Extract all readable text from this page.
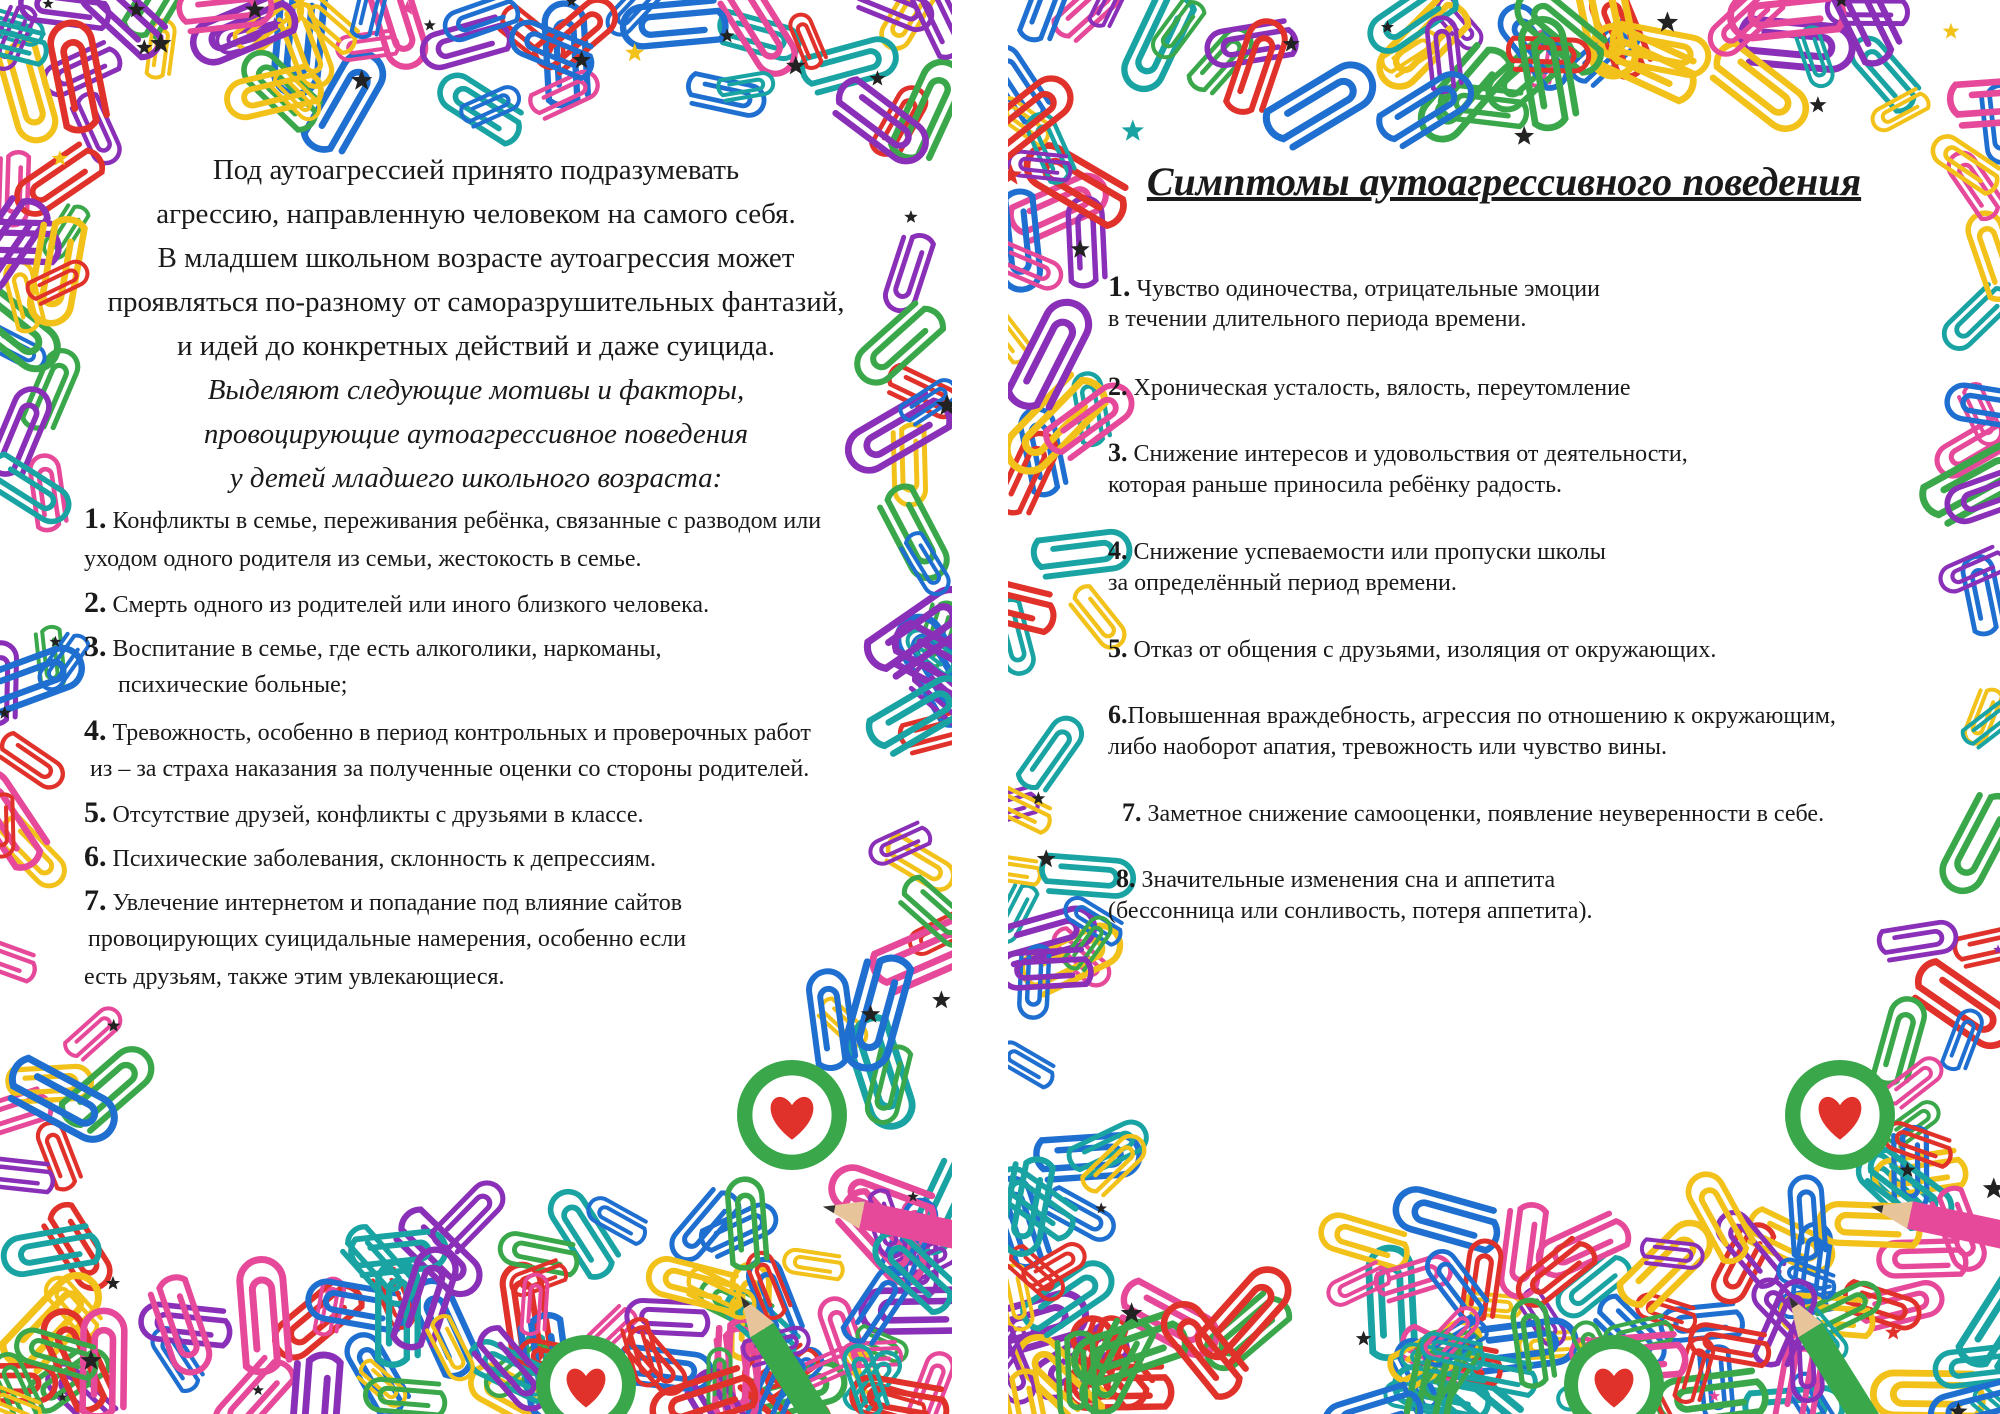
Под аутоагрессией принято подразумевать
агрессию, направленную человеком на самого себя.
В младшем школьном возрасте аутоагрессия может
проявляться по-разному от саморазрушительных фантазий,
и идей до конкретных действий и даже суицида.
Выделяют следующие мотивы и факторы,
провоцирующие аутоагрессивное поведения
у детей младшего школьного возраста:
1. Конфликты в семье, переживания ребёнка, связанные с разводом или
уходом одного родителя из семьи, жестокость в семье.
2. Смерть одного из родителей или иного близкого человека.
3. Воспитание в семье, где есть алкоголики, наркоманы,
психические больные;
4. Тревожность, особенно в период контрольных и проверочных работ
из – за страха наказания за полученные оценки со стороны родителей.
5. Отсутствие друзей, конфликты с друзьями в классе.
6. Психические заболевания, склонность к депрессиям.
7. Увлечение интернетом и попадание под влияние сайтов
провоцирующих суицидальные намерения, особенно если
есть друзьям, также этим увлекающиеся.
Симптомы аутоагрессивного поведения
1. Чувство одиночества, отрицательные эмоции
в течении длительного периода времени.
2. Хроническая усталость, вялость, переутомление
3. Снижение интересов и удовольствия от деятельности,
которая раньше приносила ребёнку радость.
4. Снижение успеваемости или пропуски школы
за определённый период времени.
5. Отказ от общения с друзьями, изоляция от окружающих.
6.Повышенная враждебность, агрессия по отношению к окружающим,
либо наоборот апатия, тревожность или чувство вины.
7. Заметное снижение самооценки, появление неуверенности в себе.
8. Значительные изменения сна и аппетита
(бессонница или сонливость, потеря аппетита).
